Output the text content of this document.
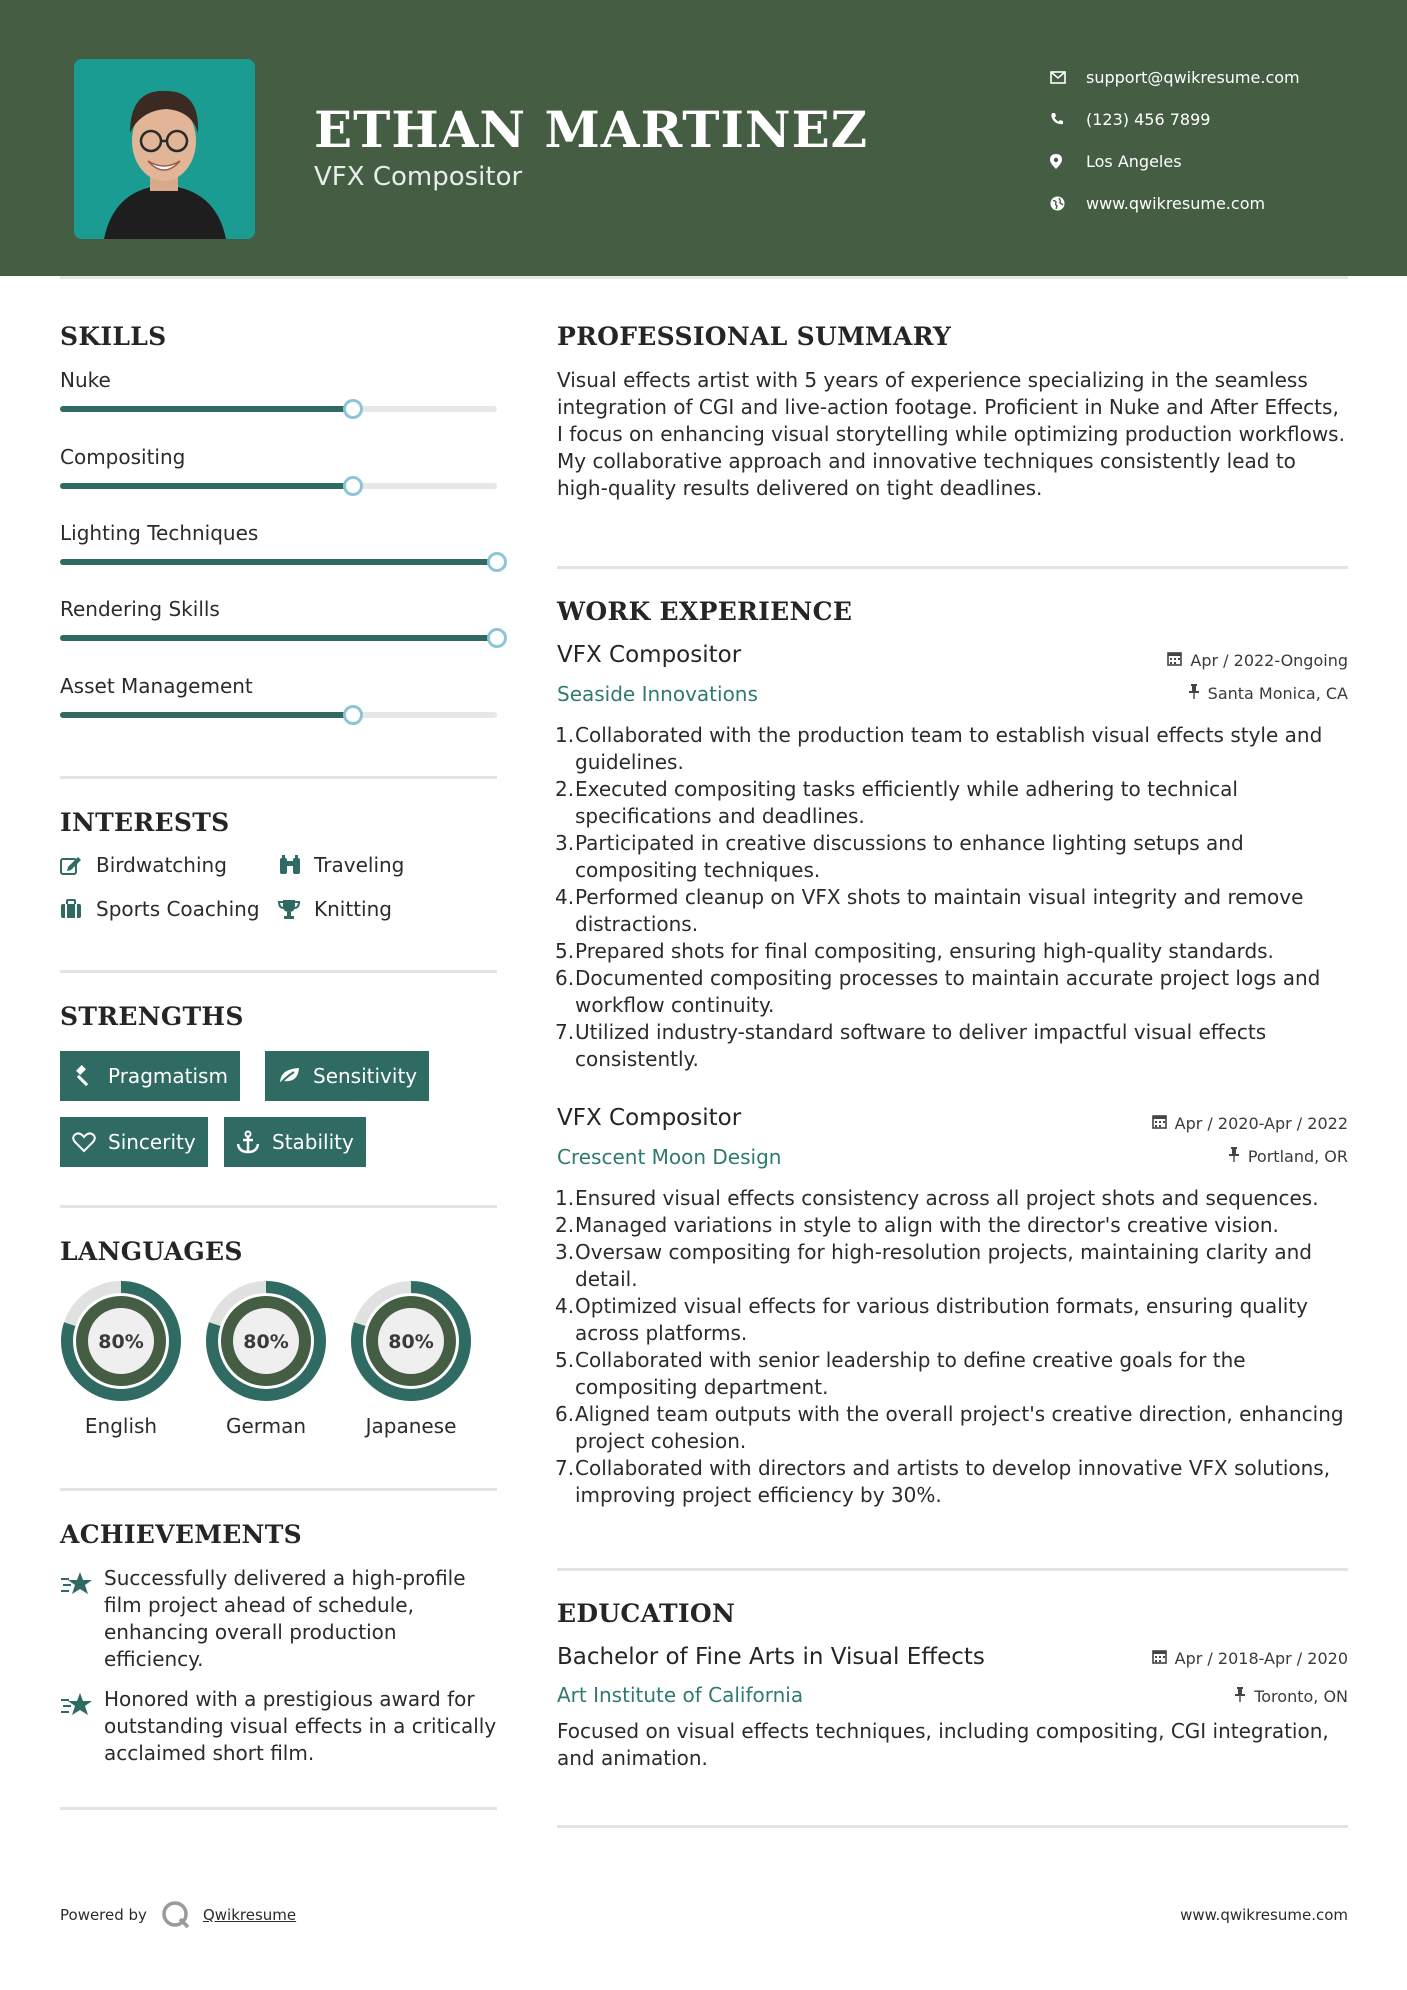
ETHAN MARTINEZ
VFX Compositor
support@qwikresume.com
(123) 456 7899
Los Angeles
www.qwikresume.com
SKILLS
Nuke
Compositing
Lighting Techniques
Rendering Skills
Asset Management
INTERESTS
Birdwatching	Traveling
Sports Coaching	Knitting
STRENGTHS
Pragmatism	Sensitivity
Sincerity	Stability
LANGUAGES
80%
English
80%
German
80%
Japanese
ACHIEVEMENTS
Successfully delivered a high-profile film project ahead of schedule, enhancing overall production efficiency.
Honored with a prestigious award for outstanding visual effects in a critically acclaimed short film.
PROFESSIONAL SUMMARY
Visual effects artist with 5 years of experience specializing in the seamless integration of CGI and live-action footage. Proficient in Nuke and After Effects, I focus on enhancing visual storytelling while optimizing production workflows. My collaborative approach and innovative techniques consistently lead to high-quality results delivered on tight deadlines.
WORK EXPERIENCE
VFX Compositor	Apr / 2022-Ongoing
Seaside Innovations	Santa Monica, CA
Collaborated with the production team to establish visual effects style and guidelines.
Executed compositing tasks efficiently while adhering to technical specifications and deadlines.
Participated in creative discussions to enhance lighting setups and compositing techniques.
Performed cleanup on VFX shots to maintain visual integrity and remove distractions.
Prepared shots for final compositing, ensuring high-quality standards.
Documented compositing processes to maintain accurate project logs and workflow continuity.
Utilized industry-standard software to deliver impactful visual effects consistently.
VFX Compositor	Apr / 2020-Apr / 2022
Crescent Moon Design	Portland, OR
Ensured visual effects consistency across all project shots and sequences.
Managed variations in style to align with the director's creative vision.
Oversaw compositing for high-resolution projects, maintaining clarity and detail.
Optimized visual effects for various distribution formats, ensuring quality across platforms.
Collaborated with senior leadership to define creative goals for the compositing department.
Aligned team outputs with the overall project's creative direction, enhancing project cohesion.
Collaborated with directors and artists to develop innovative VFX solutions, improving project efficiency by 30%.
EDUCATION
Bachelor of Fine Arts in Visual Effects	Apr / 2018-Apr / 2020
Art Institute of California	Toronto, ON
Focused on visual effects techniques, including compositing, CGI integration, and animation.
Powered by	Qwikresume	www.qwikresume.com
